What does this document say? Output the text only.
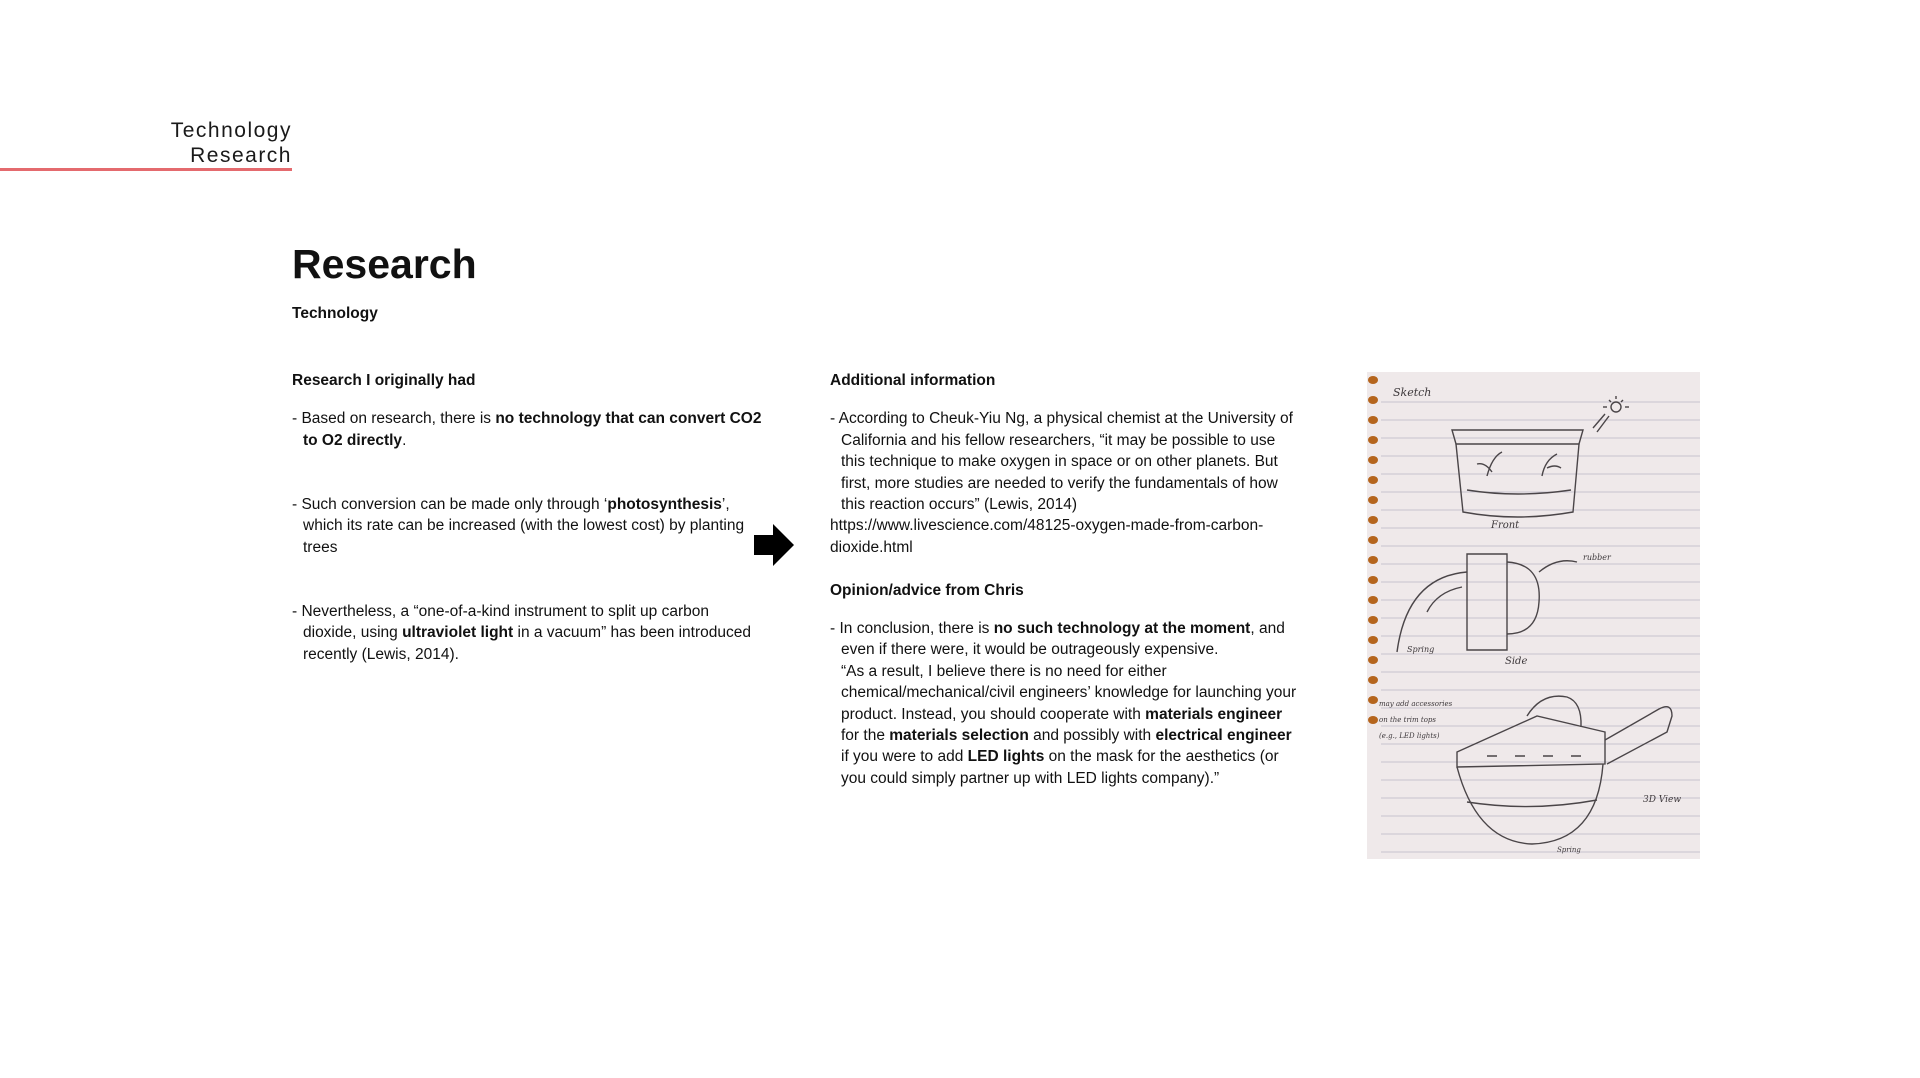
Technology
Research
Research
Technology
Research I originally had
- Based on research, there is no technology that can convert CO2 to O2 directly.
- Such conversion can be made only through ‘photosynthesis’, which its rate can be increased (with the lowest cost) by planting trees
- Nevertheless, a “one-of-a-kind instrument to split up carbon dioxide, using ultraviolet light in a vacuum” has been introduced recently (Lewis, 2014).
Additional information
- According to Cheuk-Yiu Ng, a physical chemist at the University of California and his fellow researchers, “it may be possible to use this technique to make oxygen in space or on other planets. But first, more studies are needed to verify the fundamentals of how this reaction occurs” (Lewis, 2014)
https://www.livescience.com/48125-oxygen-made-from-carbon-dioxide.html
Opinion/advice from Chris
- In conclusion, there is no such technology at the moment, and even if there were, it would be outrageously expensive.
“As a result, I believe there is no need for either chemical/mechanical/civil engineers’ knowledge for launching your product. Instead, you should cooperate with materials engineer for the materials selection and possibly with electrical engineer if you were to add LED lights on the mask for the aesthetics (or you could simply partner up with LED lights company).”
Sketch
Front
rubber
Spring
Side
may add accessories
on the trim tops
(e.g., LED lights)
3D View
Spring
